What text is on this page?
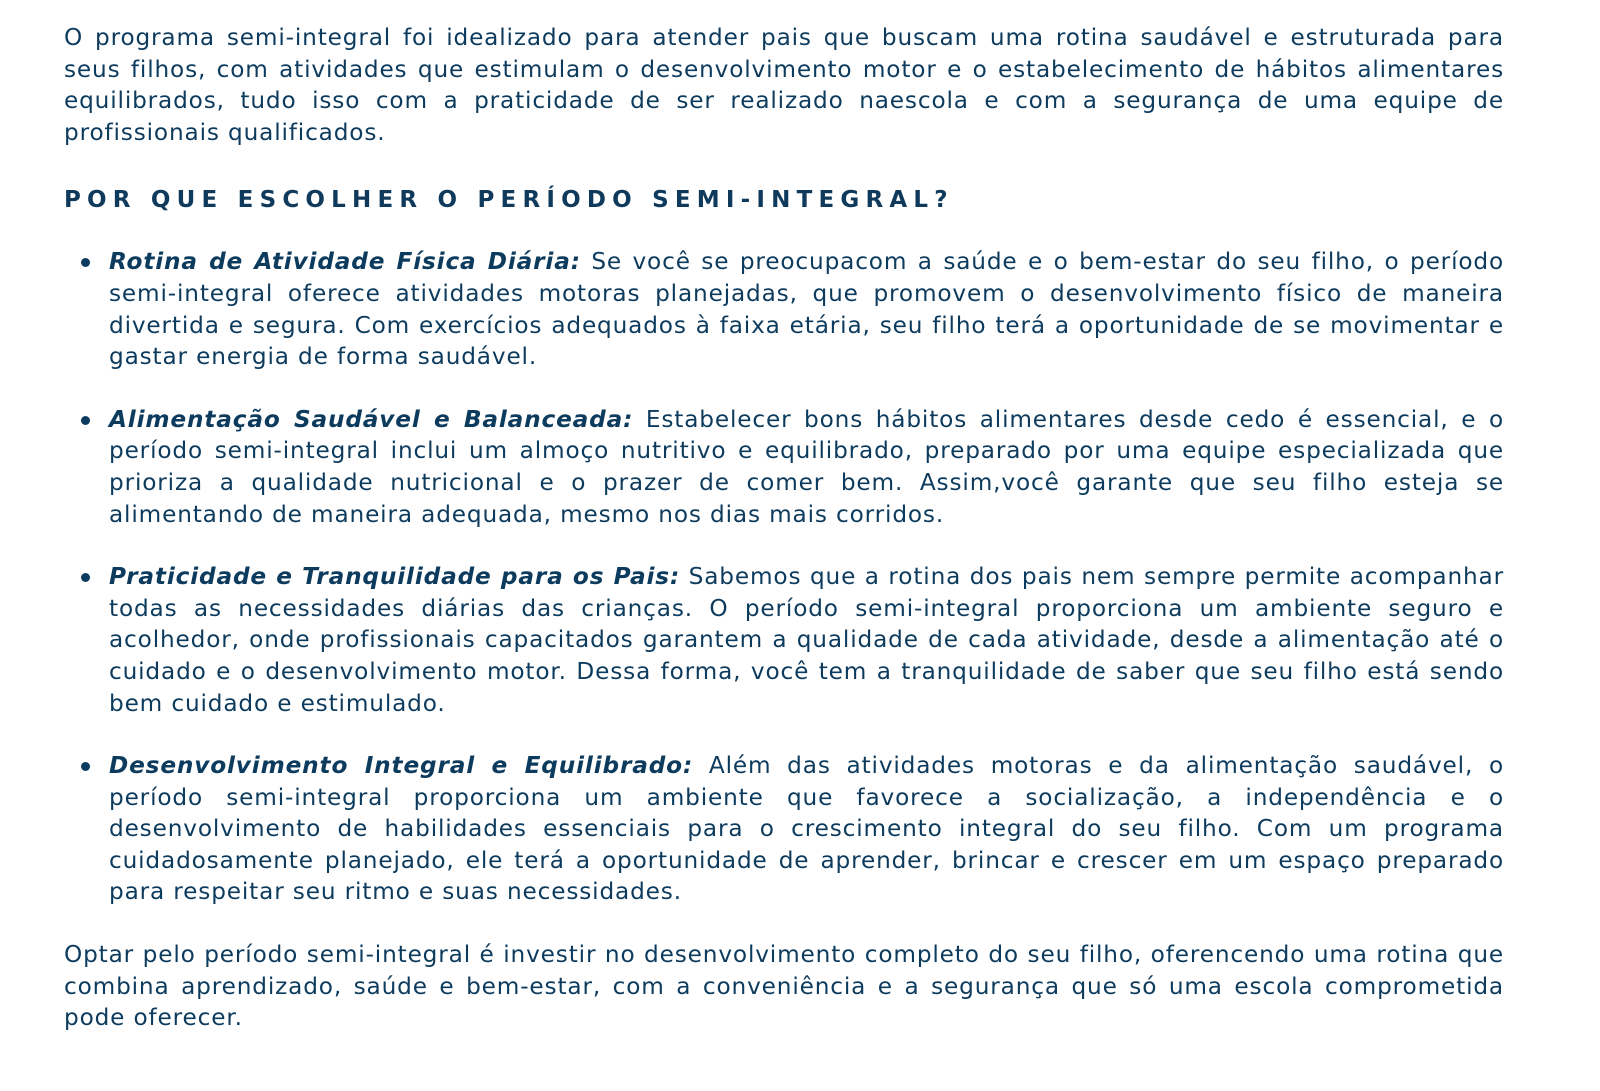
O programa semi-integral foi idealizado para atender pais que buscam uma rotina saudável e estruturada para seus filhos, com atividades que estimulam o desenvolvimento motor e o estabelecimento de hábitos alimentares equilibrados, tudo isso com a praticidade de ser realizado naescola e com a segurança de uma equipe de profissionais qualificados.

POR QUE ESCOLHER O PERÍODO SEMI-INTEGRAL?
Rotina de Atividade Física Diária: Se você se preocupacom a saúde e o bem-estar do seu filho, o período semi-integral oferece atividades motoras planejadas, que promovem o desenvolvimento físico de maneira divertida e segura. Com exercícios adequados à faixa etária, seu filho terá a oportunidade de se movimentar e gastar energia de forma saudável.
Alimentação Saudável e Balanceada: Estabelecer bons hábitos alimentares desde cedo é essencial, e o período semi-integral inclui um almoço nutritivo e equilibrado, preparado por uma equipe especializada que prioriza a qualidade nutricional e o prazer de comer bem. Assim,você garante que seu filho esteja se alimentando de maneira adequada, mesmo nos dias mais corridos.
Praticidade e Tranquilidade para os Pais: Sabemos que a rotina dos pais nem sempre permite acompanhar todas as necessidades diárias das crianças. O período semi-integral proporciona um ambiente seguro e acolhedor, onde profissionais capacitados garantem a qualidade de cada atividade, desde a alimentação até o cuidado e o desenvolvimento motor. Dessa forma, você tem a tranquilidade de saber que seu filho está sendo bem cuidado e estimulado.
Desenvolvimento Integral e Equilibrado: Além das atividades motoras e da alimentação saudável, o período semi-integral proporciona um ambiente que favorece a socialização, a independência e o desenvolvimento de habilidades essenciais para o crescimento integral do seu filho. Com um programa cuidadosamente planejado, ele terá a oportunidade de aprender, brincar e crescer em um espaço preparado para respeitar seu ritmo e suas necessidades.

Optar pelo período semi-integral é investir no desenvolvimento completo do seu filho, oferencendo uma rotina que combina aprendizado, saúde e bem-estar, com a conveniência e a segurança que só uma escola comprometida pode oferecer.
